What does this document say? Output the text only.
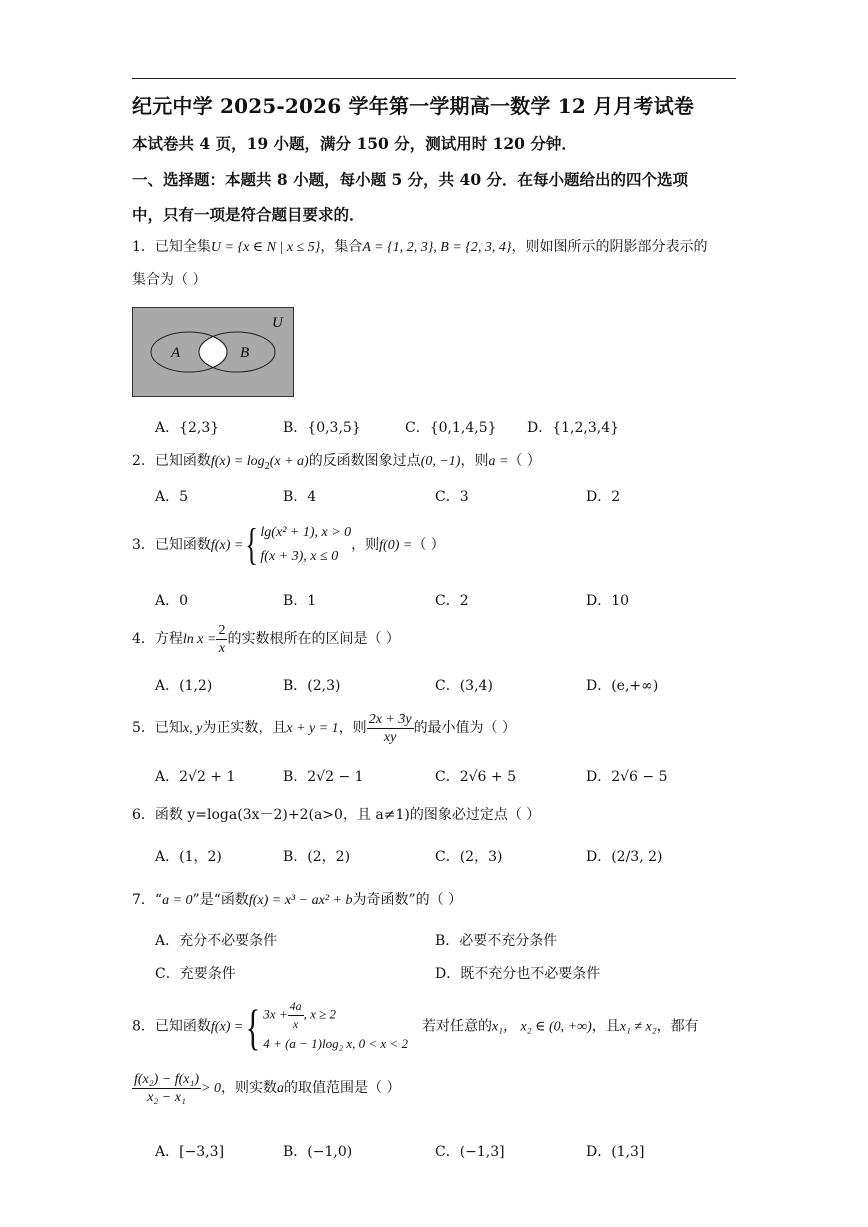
纪元中学 2025-2026 学年第一学期高一数学 12 月月考试卷
本试卷共 4 页，19 小题，满分 150 分，测试用时 120 分钟．
一、选择题：本题共 8 小题，每小题 5 分，共 40 分．在每小题给出的四个选项
中，只有一项是符合题目要求的．
1．已知全集U = {x ∈ N | x ≤ 5}，集合A = {1, 2, 3}, B = {2, 3, 4}，则如图所示的阴影部分表示的
集合为（ ）
U
A	B
A．{2,3}	B．{0,3,5}	C．{0,1,4,5} D．{1,2,3,4}
2．已知函数$f(x) = \log_2(x + a)$的反函数图象过点(0, −1)，则a =（ ）
A．5	B．4	C．3	D．2
3．已知函数f(x) ={ lg(x² + 1), x > 0
f(x + 3), x ≤ 0
，则f(0) =（ ）
A．0	B．1	C．2	D．10
4．方程$\ln x = \frac{2}{x}$ 的实数根所在的区间是（ ）
A．(1,2)	B．(2,3)	C．(3,4)	D．(e,+∞)
5．已知x, y为正实数，且x + y = 1，则 $\frac{2x + 3y}{xy}$ 的最小值为（ ）
A．2√2 + 1	B．2√2 − 1	C．2√6 + 5	D．2√6 − 5
6．函数 y=loga(3x－2)+2(a>0，且 a≠1)的图象必过定点（ ）
A．(1，2)	B．(2，2)	C．(2，3)	D．(2/3, 2)
7．“a = 0”是“函数f(x) = x³ − ax² + b为奇函数”的（ ）
A．充分不必要条件	B．必要不充分条件
C．充要条件	D．既不充分也不必要条件
8．已知函数f(x) ={ $3x + \frac{4a}{x}$ , x ≥ 2
4 + (a − 1)log₂ x, 0 < x < 2
若对任意的x₁， x₂ ∈ (0, +∞)，且x₁ ≠ x₂，都有
$\frac{\text{f(x₂) − f(x₁)}}{\text{x₂ − x₁}} > 0$，则实数a的取值范围是（ ）
A．[−3,3]	B．(−1,0)	C．(−1,3]	D．(1,3]
